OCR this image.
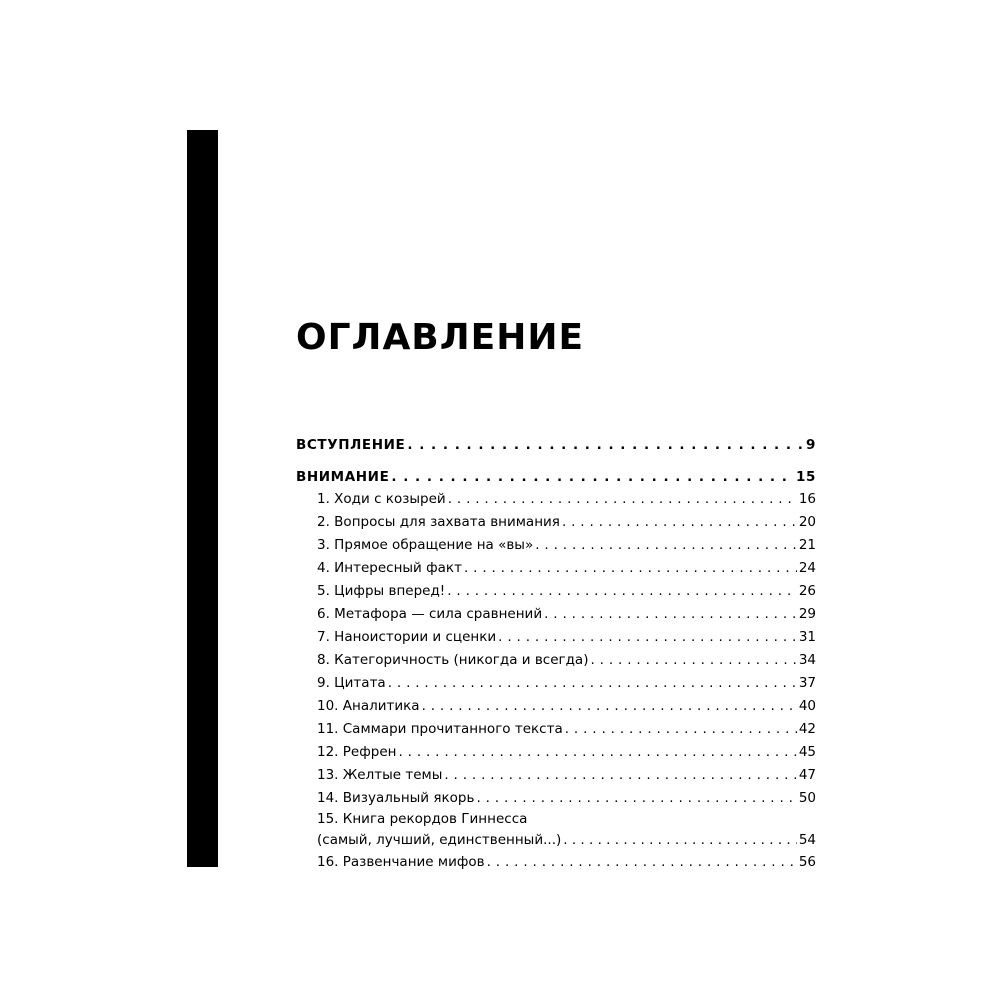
ОГЛАВЛЕНИЕ
ВСТУПЛЕНИЕ . . .	9
ВНИМАНИЕ . . .	15
1. Ходи с козырей . . .	16
2. Вопросы для захвата внимания . . .	20
3. Прямое обращение на «вы» . . .	21
4. Интересный факт . . .	24
5. Цифры вперед! . . .	26
6. Метафора — сила сравнений . . .	29
7. Наноистории и сценки . . .	31
8. Категоричность (никогда и всегда) . . .	34
9. Цитата . . .	37
10. Аналитика . . .	40
11. Саммари прочитанного текста . . .	42
12. Рефрен . . .	45
13. Желтые темы . . .	47
14. Визуальный якорь . . .	50
15. Книга рекордов Гиннесса
(самый, лучший, единственный...) . . .	54
16. Развенчание мифов . . .	56
